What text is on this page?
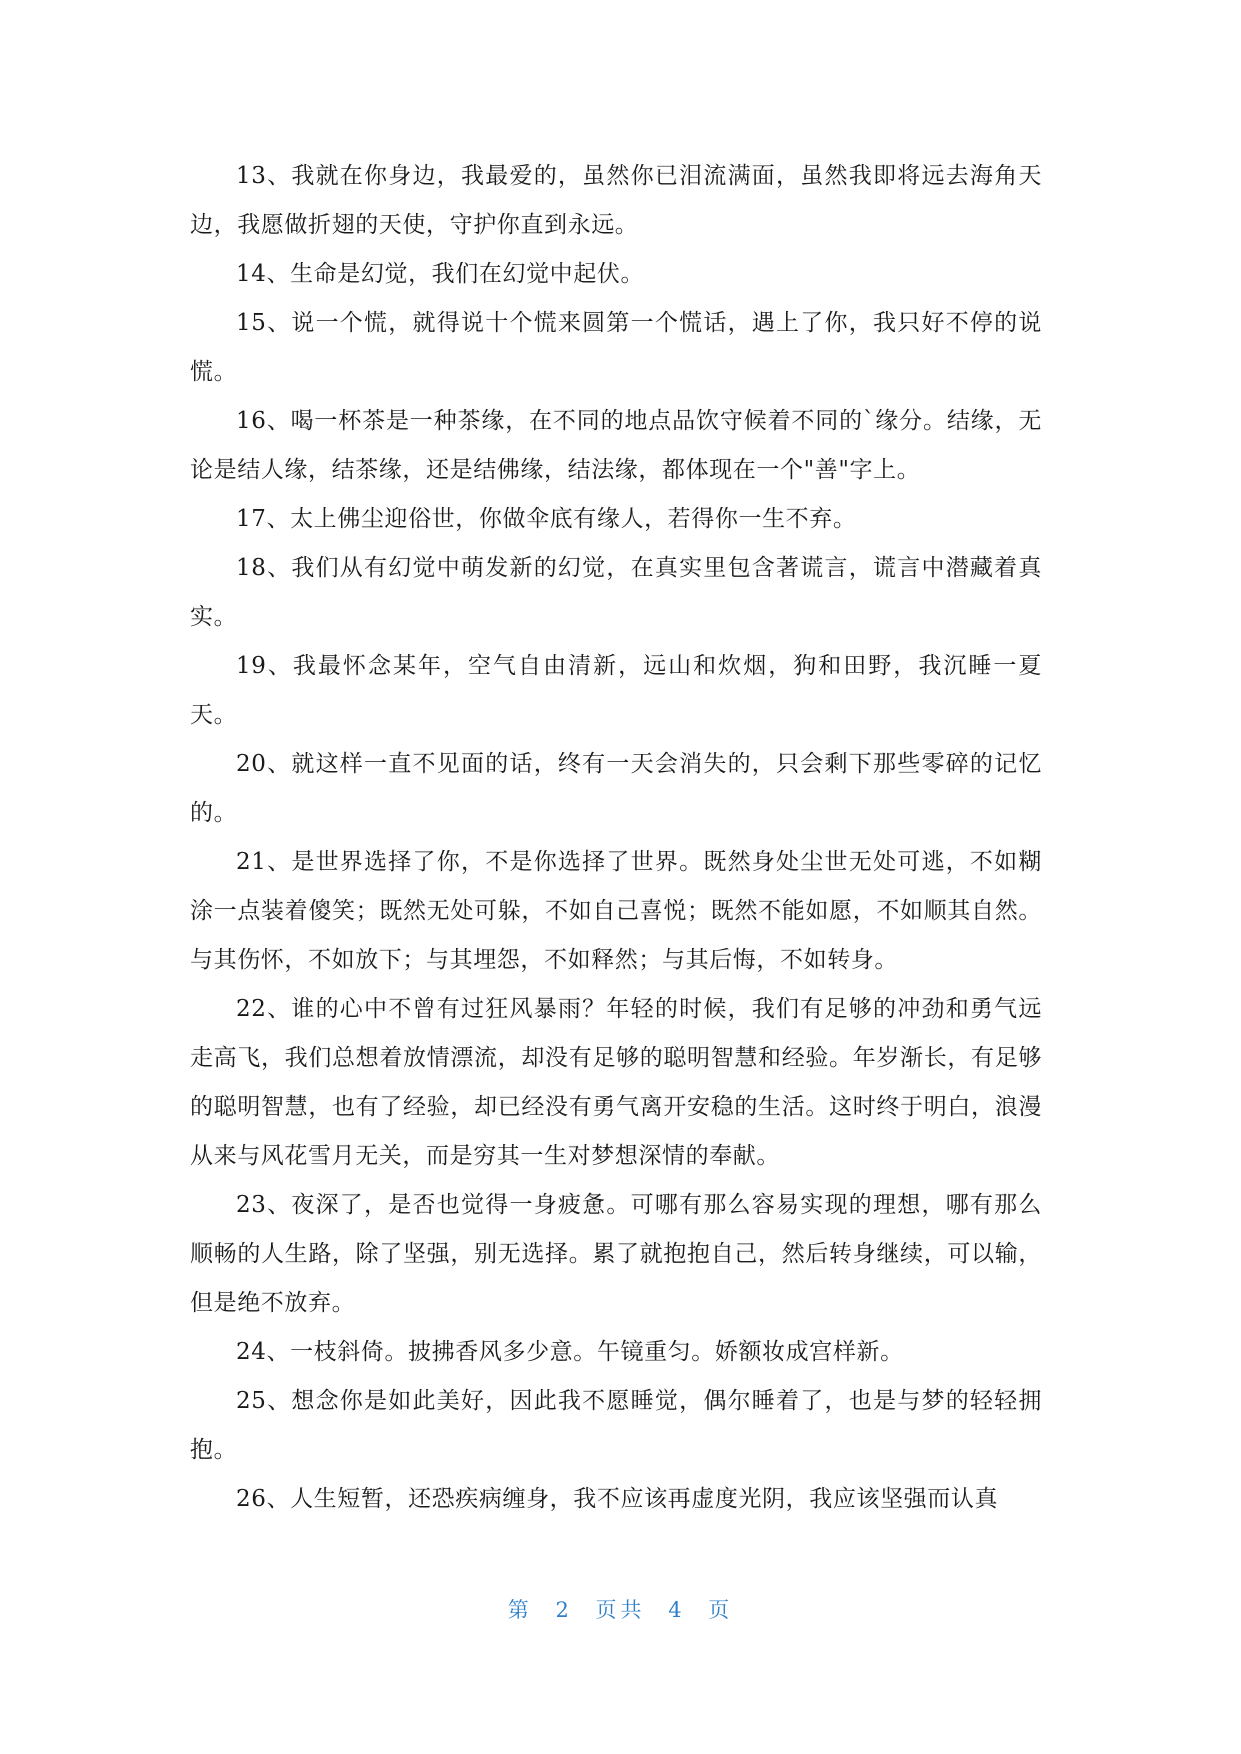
13、我就在你身边，我最爱的，虽然你已泪流满面，虽然我即将远去海角天边，我愿做折翅的天使，守护你直到永远。

14、生命是幻觉，我们在幻觉中起伏。

15、说一个慌，就得说十个慌来圆第一个慌话，遇上了你，我只好不停的说慌。

16、喝一杯茶是一种茶缘，在不同的地点品饮守候着不同的`缘分。结缘，无论是结人缘，结茶缘，还是结佛缘，结法缘，都体现在一个"善"字上。

17、太上佛尘迎俗世，你做伞底有缘人，若得你一生不弃。

18、我们从有幻觉中萌发新的幻觉，在真实里包含著谎言，谎言中潜藏着真实。

19、我最怀念某年，空气自由清新，远山和炊烟，狗和田野，我沉睡一夏天。

20、就这样一直不见面的话，终有一天会消失的，只会剩下那些零碎的记忆的。

21、是世界选择了你，不是你选择了世界。既然身处尘世无处可逃，不如糊涂一点装着傻笑；既然无处可躲，不如自己喜悦；既然不能如愿，不如顺其自然。与其伤怀，不如放下；与其埋怨，不如释然；与其后悔，不如转身。

22、谁的心中不曾有过狂风暴雨？年轻的时候，我们有足够的冲劲和勇气远走高飞，我们总想着放情漂流，却没有足够的聪明智慧和经验。年岁渐长，有足够的聪明智慧，也有了经验，却已经没有勇气离开安稳的生活。这时终于明白，浪漫从来与风花雪月无关，而是穷其一生对梦想深情的奉献。

23、夜深了，是否也觉得一身疲惫。可哪有那么容易实现的理想，哪有那么顺畅的人生路，除了坚强，别无选择。累了就抱抱自己，然后转身继续，可以输，但是绝不放弃。

24、一枝斜倚。披拂香风多少意。午镜重匀。娇额妆成宫样新。

25、想念你是如此美好，因此我不愿睡觉，偶尔睡着了，也是与梦的轻轻拥抱。

26、人生短暂，还恐疾病缠身，我不应该再虚度光阴，我应该坚强而认真

第 2 页共 4 页
